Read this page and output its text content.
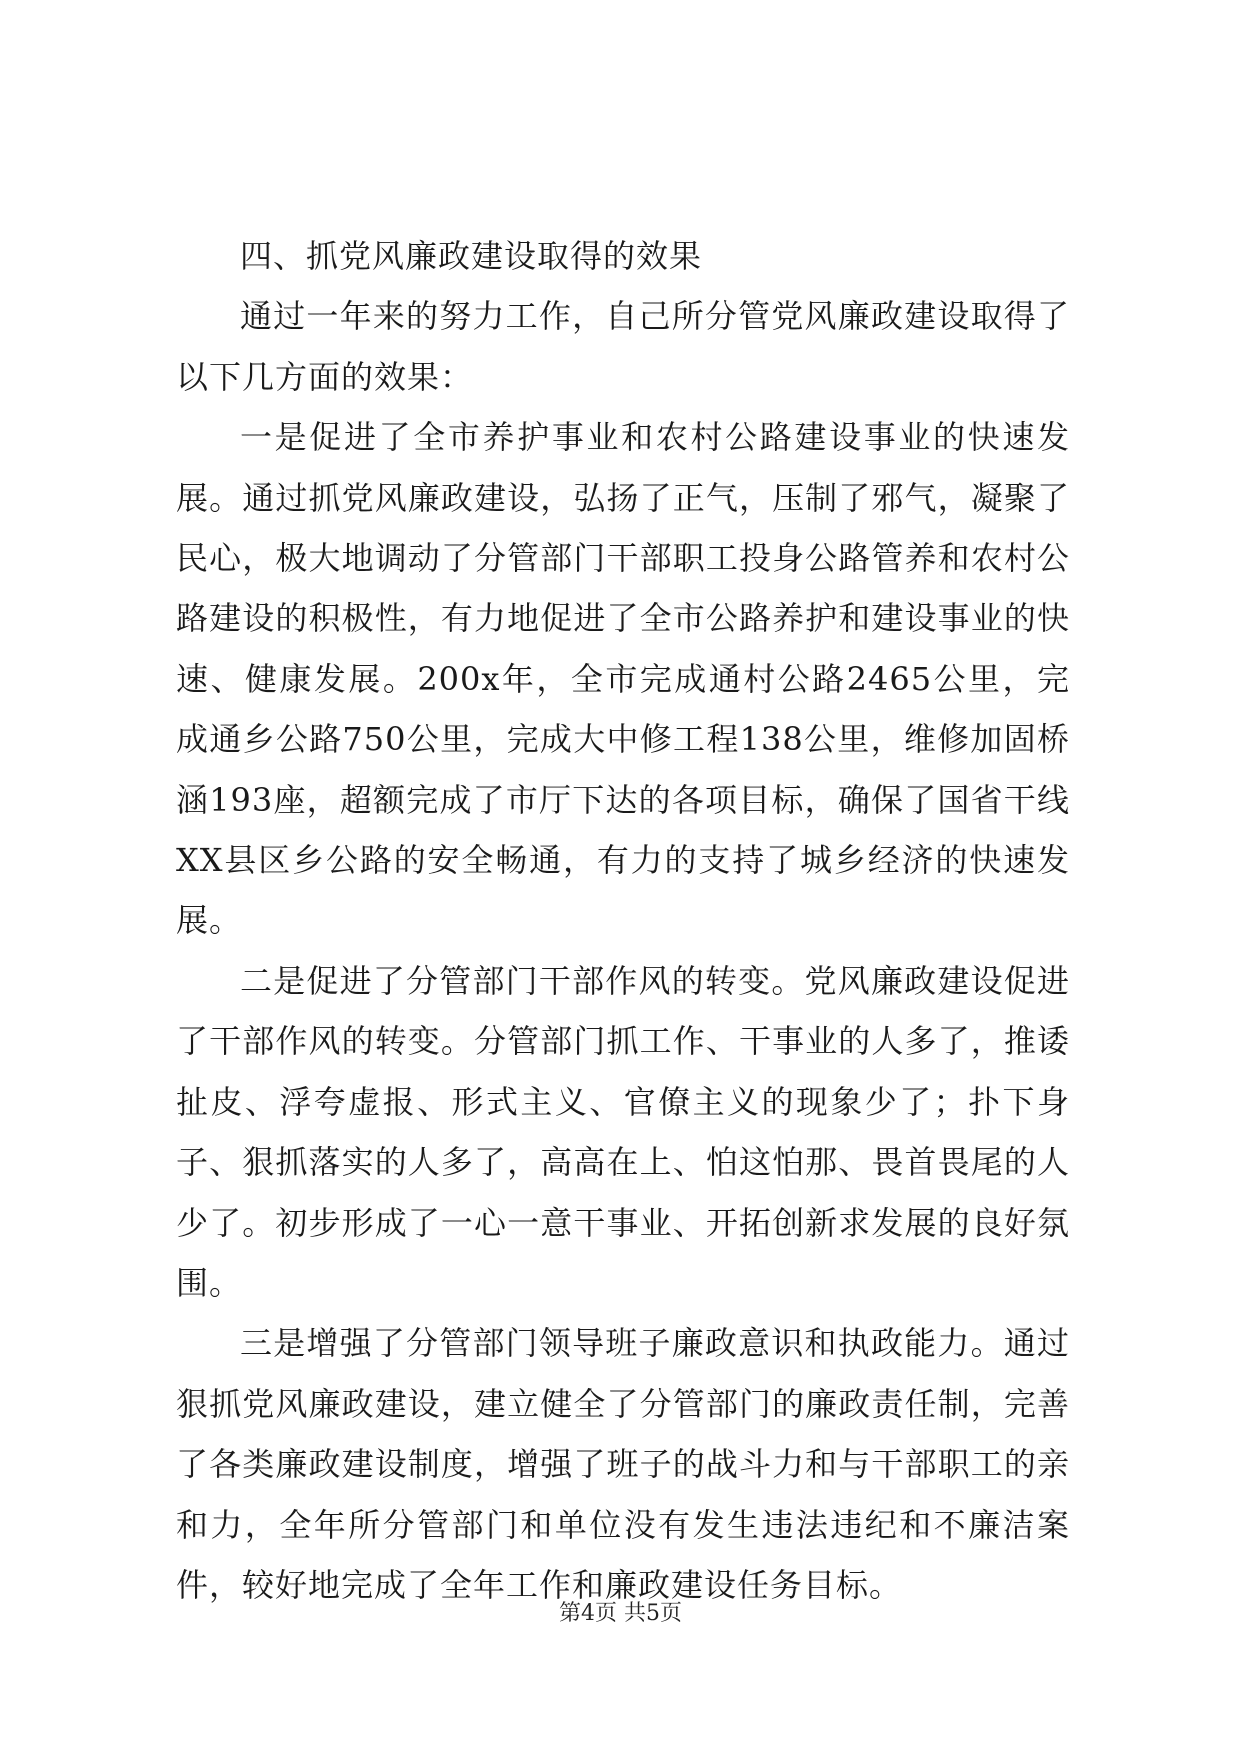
四、抓党风廉政建设取得的效果

通过一年来的努力工作，自己所分管党风廉政建设取得了以下几方面的效果：

一是促进了全市养护事业和农村公路建设事业的快速发展。通过抓党风廉政建设，弘扬了正气，压制了邪气，凝聚了民心，极大地调动了分管部门干部职工投身公路管养和农村公路建设的积极性，有力地促进了全市公路养护和建设事业的快速、健康发展。200x年，全市完成通村公路2465公里，完成通乡公路750公里，完成大中修工程138公里，维修加固桥涵193座，超额完成了市厅下达的各项目标，确保了国省干线XX县区乡公路的安全畅通，有力的支持了城乡经济的快速发展。

二是促进了分管部门干部作风的转变。党风廉政建设促进了干部作风的转变。分管部门抓工作、干事业的人多了，推诿扯皮、浮夸虚报、形式主义、官僚主义的现象少了；扑下身子、狠抓落实的人多了，高高在上、怕这怕那、畏首畏尾的人少了。初步形成了一心一意干事业、开拓创新求发展的良好氛围。

三是增强了分管部门领导班子廉政意识和执政能力。通过狠抓党风廉政建设，建立健全了分管部门的廉政责任制，完善了各类廉政建设制度，增强了班子的战斗力和与干部职工的亲和力，全年所分管部门和单位没有发生违法违纪和不廉洁案件，较好地完成了全年工作和廉政建设任务目标。

第4页 共5页
